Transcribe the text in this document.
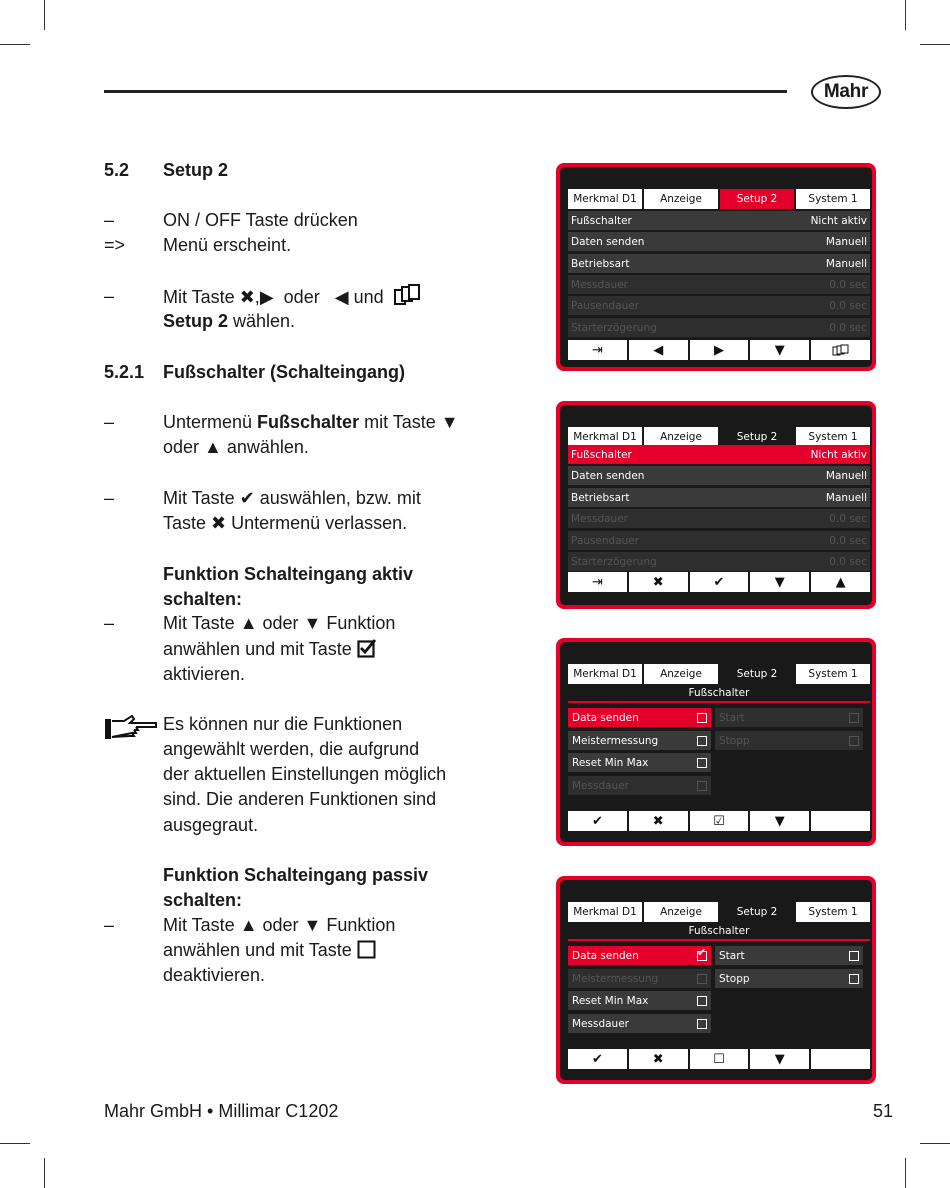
Mahr
5.2 Setup 2
–	ON / OFF Taste drücken
=> Menü erscheint.
–	Mit Taste ✖,▶ oder ◀ und
Setup 2 wählen.
5.2.1 Fußschalter (Schalteingang)
–	Untermenü Fußschalter mit Taste ▼
oder ▲ anwählen.
–	Mit Taste ✔ auswählen, bzw. mit
Taste ✖ Untermenü verlassen.
Funktion Schalteingang aktiv
schalten:
–	Mit Taste ▲ oder ▼ Funktion
anwählen und mit Taste
aktivieren.
Es können nur die Funktionen
angewählt werden, die aufgrund
der aktuellen Einstellungen möglich
sind. Die anderen Funktionen sind
ausgegraut.
Funktion Schalteingang passiv
schalten:
–	Mit Taste ▲ oder ▼ Funktion
anwählen und mit Taste
deaktivieren.
Merkmal D1	Anzeige	Setup 2	System 1
Fußschalter	Nicht aktiv
Daten senden	Manuell
Betriebsart	Manuell
Messdauer	0.0 sec
Pausendauer	0.0 sec
Starterzögerung	0.0 sec
⇥	◀	▶	▼
Merkmal D1	Anzeige	Setup 2	System 1
Fußschalter	Nicht aktiv
Daten senden	Manuell
Betriebsart	Manuell
Messdauer	0.0 sec
Pausendauer	0.0 sec
Starterzögerung	0.0 sec
⇥	✖	✔	▼	▲
Merkmal D1	Anzeige	Setup 2	System 1
Fußschalter
Data senden
Meistermessung
Reset Min Max
Messdauer
Start
Stopp
✔	✖	☑	▼
Merkmal D1	Anzeige	Setup 2	System 1
Fußschalter
Data senden
✔
Meistermessung
Reset Min Max
Messdauer
Start
Stopp
✔	✖	☐	▼
Mahr GmbH • Millimar C1202	51
